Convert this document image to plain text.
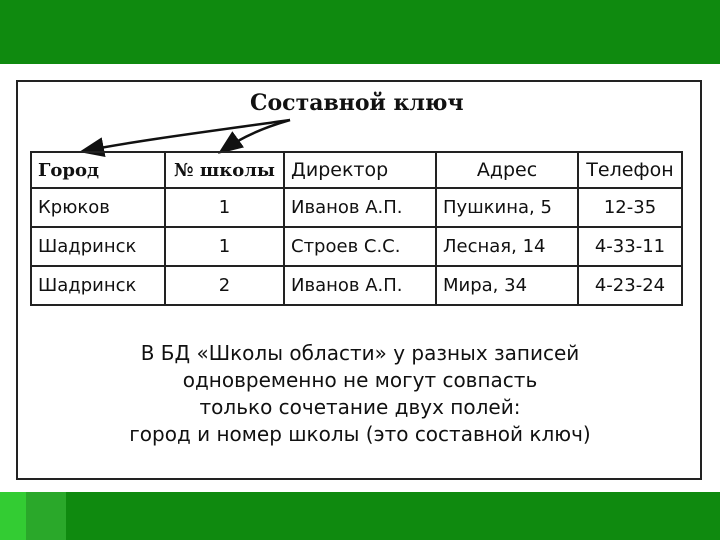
Составной ключ
Город	№ школы	Директор	Адрес	Телефон
Крюков	1	Иванов А.П.	Пушкина, 5	12-35
Шадринск	1	Строев С.С.	Лесная, 14	4-33-11
Шадринск	2	Иванов А.П.	Мира, 34	4-23-24
В БД «Школы области» у разных записей
одновременно не могут совпасть
только сочетание двух полей:
город и номер школы (это составной ключ)
